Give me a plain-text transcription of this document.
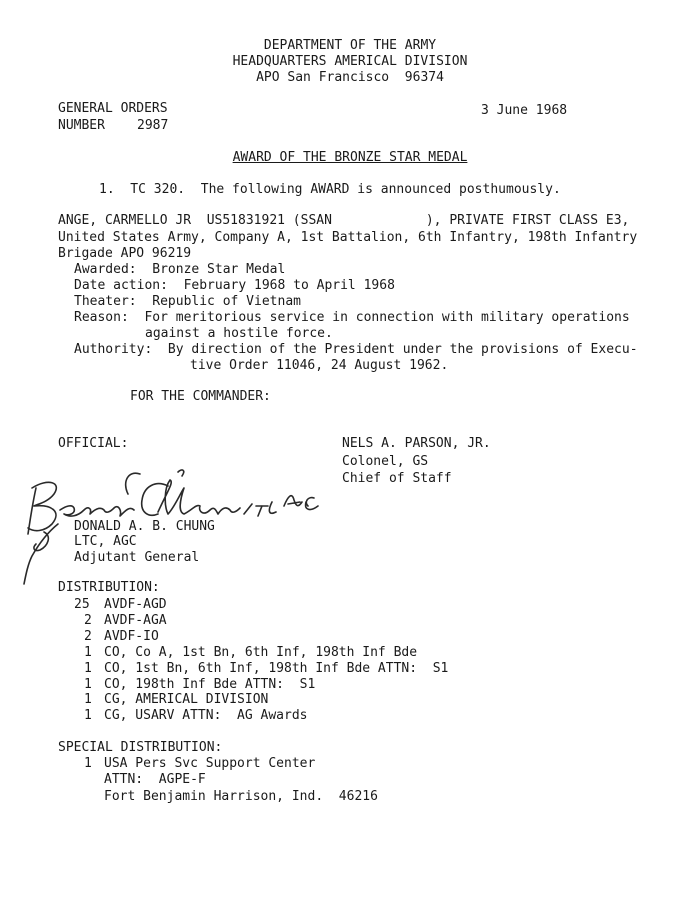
DEPARTMENT OF THE ARMY
HEADQUARTERS AMERICAL DIVISION
APO San Francisco  96374
GENERAL ORDERS
NUMBER 2987
3 June 1968
AWARD OF THE BRONZE STAR MEDAL
1.  TC 320.  The following AWARD is announced posthumously.
ANGE, CARMELLO JR  US51831921 (SSAN            ), PRIVATE FIRST CLASS E3,
United States Army, Company A, 1st Battalion, 6th Infantry, 198th Infantry
Brigade APO 96219
Awarded:  Bronze Star Medal
Date action:  February 1968 to April 1968
Theater:  Republic of Vietnam
Reason:  For meritorious service in connection with military operations
against a hostile force.
Authority:  By direction of the President under the provisions of Execu-
tive Order 11046, 24 August 1962.
FOR THE COMMANDER:
OFFICIAL:	NELS A. PARSON, JR.
Colonel, GS
Chief of Staff
DONALD A. B. CHUNG
LTC, AGC
Adjutant General
DISTRIBUTION:
25 AVDF-AGD
2 AVDF-AGA
2 AVDF-IO
1 CO, Co A, 1st Bn, 6th Inf, 198th Inf Bde
1 CO, 1st Bn, 6th Inf, 198th Inf Bde ATTN:  S1
1 CO, 198th Inf Bde ATTN:  S1
1 CG, AMERICAL DIVISION
1 CG, USARV ATTN:  AG Awards
SPECIAL DISTRIBUTION:
1 USA Pers Svc Support Center
ATTN:  AGPE-F
Fort Benjamin Harrison, Ind.  46216
